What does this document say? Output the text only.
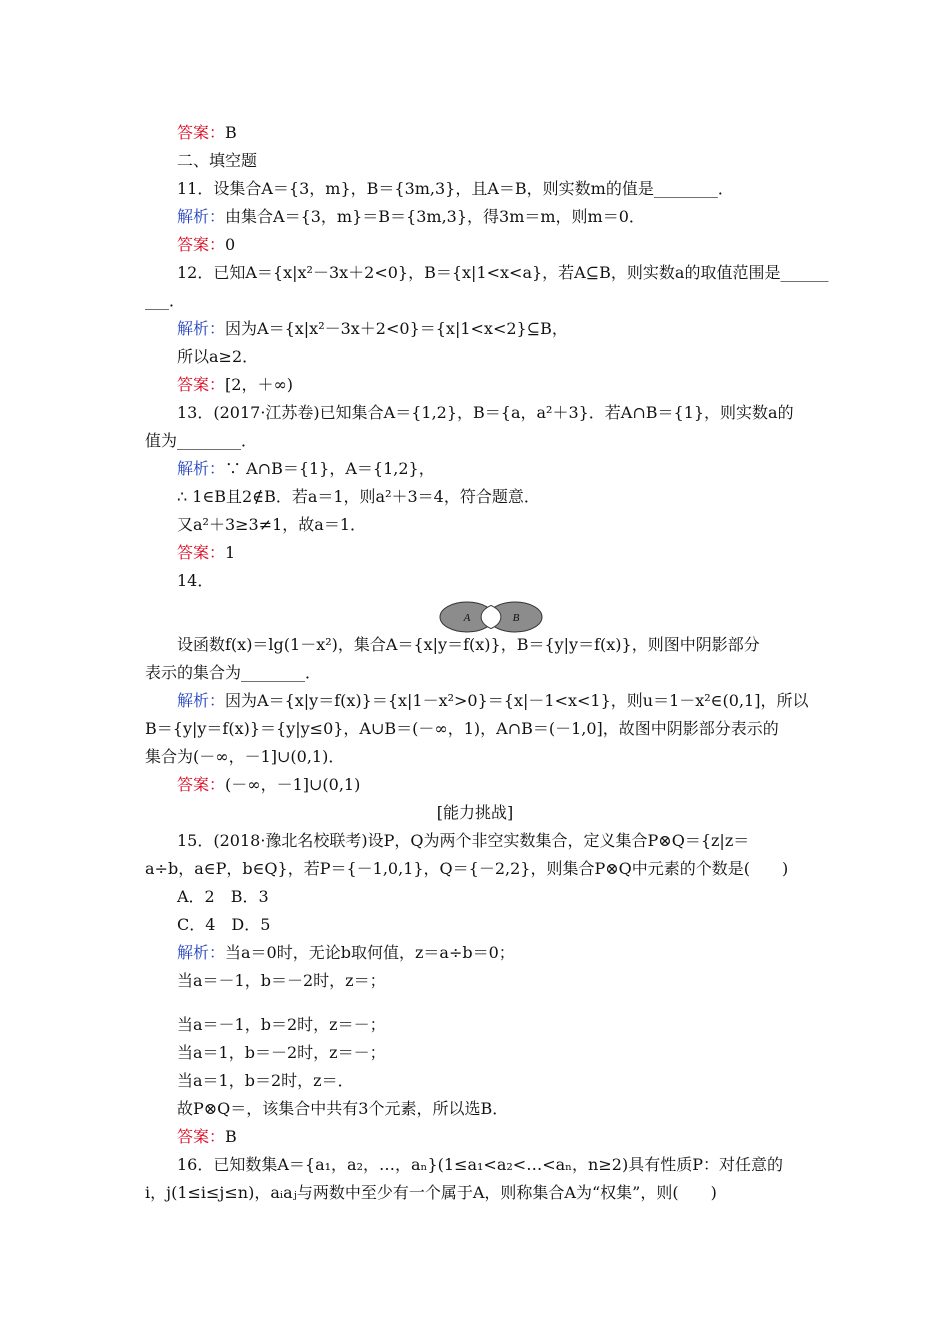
答案：B
二、填空题
11．设集合A＝{3，m}，B＝{3m,3}，且A＝B，则实数m的值是________．
解析：由集合A＝{3，m}＝B＝{3m,3}，得3m＝m，则m＝0．
答案：0
12．已知A＝{x|x²－3x＋2<0}，B＝{x|1<x<a}，若A⊆B，则实数a的取值范围是______
___．
解析：因为A＝{x|x²－3x＋2<0}＝{x|1<x<2}⊆B，
所以a≥2．
答案：[2，＋∞)
13．(2017·江苏卷)已知集合A＝{1,2}，B＝{a，a²＋3}．若A∩B＝{1}，则实数a的
值为________．
解析：∵ A∩B＝{1}，A＝{1,2}，
∴ 1∈B且2∉B．若a＝1，则a²＋3＝4，符合题意．
又a²＋3≥3≠1，故a＝1．
答案：1
14．
A	B
设函数f(x)＝lg(1－x²)，集合A＝{x|y＝f(x)}，B＝{y|y＝f(x)}，则图中阴影部分
表示的集合为________．
解析：因为A＝{x|y＝f(x)}＝{x|1－x²>0}＝{x|－1<x<1}，则u＝1－x²∈(0,1]，所以
B＝{y|y＝f(x)}＝{y|y≤0}，A∪B＝(－∞，1)，A∩B＝(－1,0]，故图中阴影部分表示的
集合为(－∞，－1]∪(0,1)．
答案：(－∞，－1]∪(0,1)
[能力挑战]
15．(2018·豫北名校联考)设P，Q为两个非空实数集合，定义集合P⊗Q＝{z|z＝
a÷b，a∈P，b∈Q}，若P＝{－1,0,1}，Q＝{－2,2}，则集合P⊗Q中元素的个数是(　　)
A．2　B．3
C．4　D．5
解析：当a＝0时，无论b取何值，z＝a÷b＝0；
当a＝－1，b＝－2时，z＝；
当a＝－1，b＝2时，z＝－；
当a＝1，b＝－2时，z＝－；
当a＝1，b＝2时，z＝．
故P⊗Q＝，该集合中共有3个元素，所以选B．
答案：B
16．已知数集A＝{a₁，a₂，…，aₙ}(1≤a₁<a₂<…<aₙ，n≥2)具有性质P：对任意的
i，j(1≤i≤j≤n)，aᵢaⱼ与两数中至少有一个属于A，则称集合A为“权集”，则(　　)
